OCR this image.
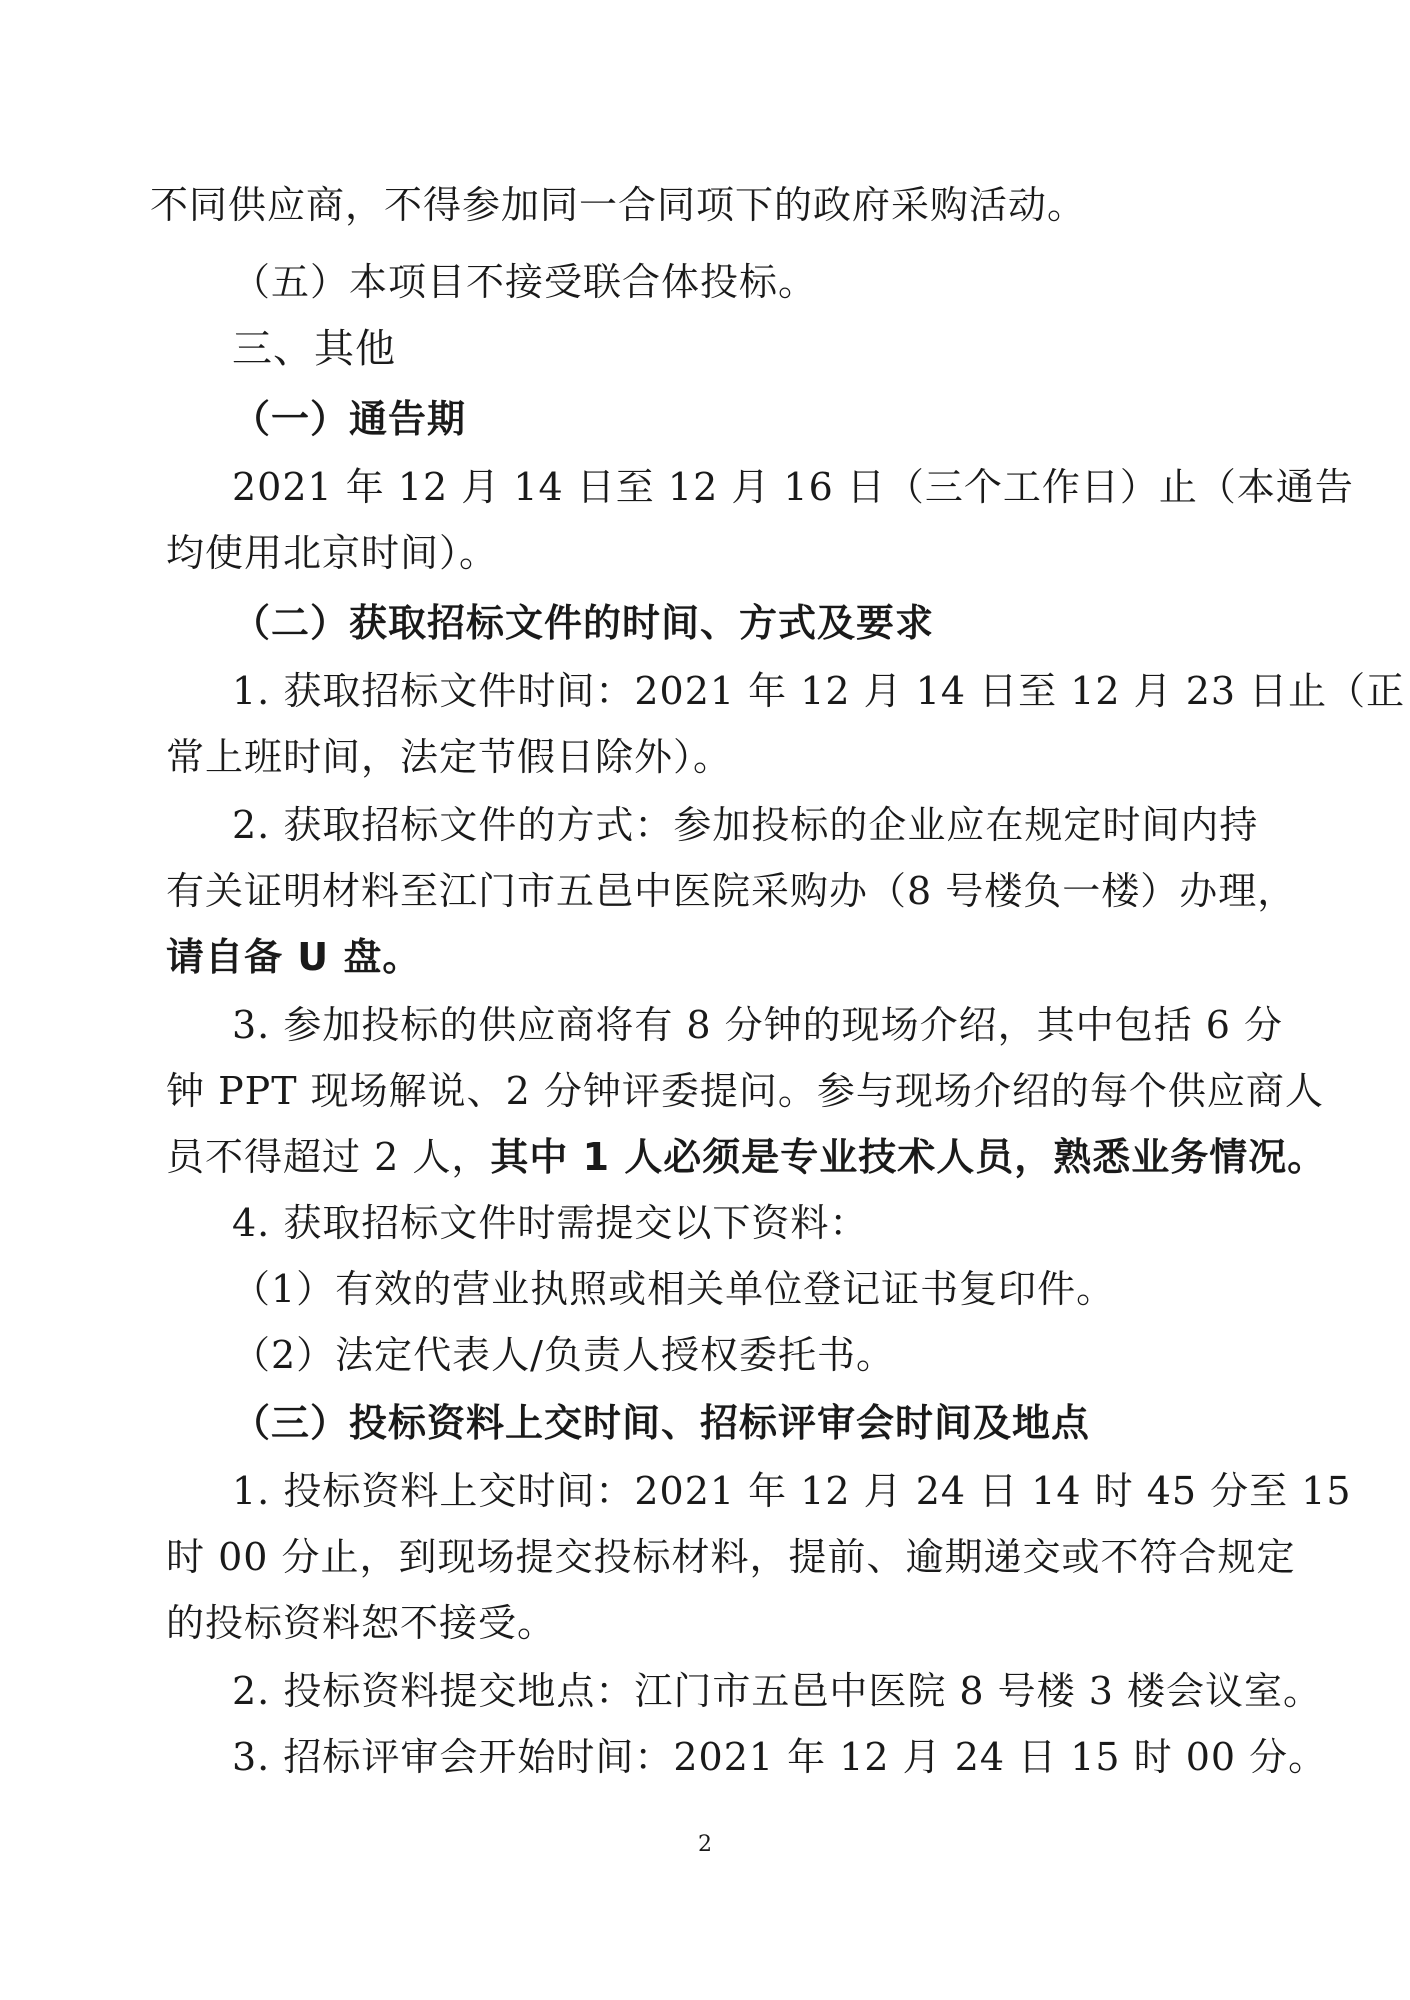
不同供应商，不得参加同一合同项下的政府采购活动。
（五）本项目不接受联合体投标。
三、其他
（一）通告期
2021 年 12 月 14 日至 12 月 16 日（三个工作日）止（本通告
均使用北京时间）。
（二）获取招标文件的时间、方式及要求
1. 获取招标文件时间：2021 年 12 月 14 日至 12 月 23 日止（正
常上班时间，法定节假日除外）。
2. 获取招标文件的方式：参加投标的企业应在规定时间内持
有关证明材料至江门市五邑中医院采购办（8 号楼负一楼）办理，
请自备 U 盘。
3. 参加投标的供应商将有 8 分钟的现场介绍，其中包括 6 分
钟 PPT 现场解说、2 分钟评委提问。参与现场介绍的每个供应商人
员不得超过 2 人，其中 1 人必须是专业技术人员，熟悉业务情况。
4. 获取招标文件时需提交以下资料：
（1）有效的营业执照或相关单位登记证书复印件。
（2）法定代表人/负责人授权委托书。
（三）投标资料上交时间、招标评审会时间及地点
1. 投标资料上交时间：2021 年 12 月 24 日 14 时 45 分至 15
时 00 分止，到现场提交投标材料，提前、逾期递交或不符合规定
的投标资料恕不接受。
2. 投标资料提交地点：江门市五邑中医院 8 号楼 3 楼会议室。
3. 招标评审会开始时间：2021 年 12 月 24 日 15 时 00 分。
2
